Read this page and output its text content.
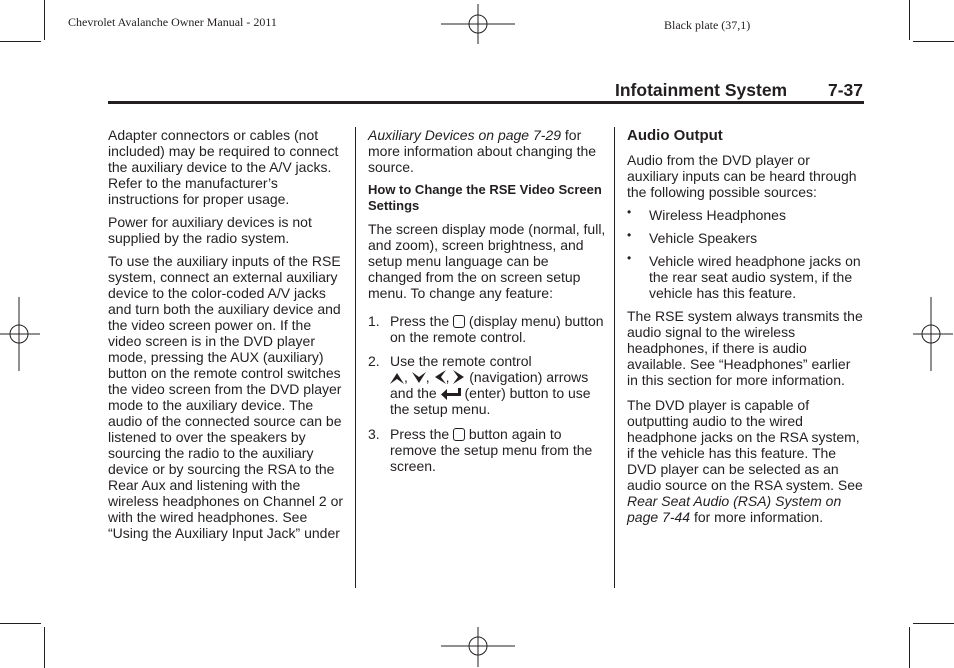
Chevrolet Avalanche Owner Manual - 2011	Black plate (37,1)
Infotainment System 7-37

Adapter connectors or cables (not included) may be required to connect the auxiliary device to the A/V jacks. Refer to the manufacturer’s instructions for proper usage.

Power for auxiliary devices is not supplied by the radio system.

To use the auxiliary inputs of the RSE system, connect an external auxiliary device to the color-coded A/V jacks and turn both the auxiliary device and the video screen power on. If the video screen is in the DVD player mode, pressing the AUX (auxiliary) button on the remote control switches the video screen from the DVD player mode to the auxiliary device. The audio of the connected source can be listened to over the speakers by sourcing the radio to the auxiliary device or by sourcing the RSA to the Rear Aux and listening with the wireless headphones on Channel 2 or with the wired headphones. See “Using the Auxiliary Input Jack” under

Auxiliary Devices on page 7-29 for more information about changing the source.

How to Change the RSE Video Screen Settings

The screen display mode (normal, full, and zoom), screen brightness, and setup menu language can be changed from the on screen setup menu. To change any feature:

1. Press the  (display menu) button on the remote control.
2. Use the remote control
, , ,  (navigation) arrows and the  (enter) button to use the setup menu.
3. Press the  button again to remove the setup menu from the screen.

Audio Output

Audio from the DVD player or auxiliary inputs can be heard through the following possible sources:

• Wireless Headphones
• Vehicle Speakers
• Vehicle wired headphone jacks on the rear seat audio system, if the vehicle has this feature.

The RSE system always transmits the audio signal to the wireless headphones, if there is audio available. See “Headphones” earlier in this section for more information.

The DVD player is capable of outputting audio to the wired headphone jacks on the RSA system, if the vehicle has this feature. The DVD player can be selected as an audio source on the RSA system. See Rear Seat Audio (RSA) System on page 7-44 for more information.
